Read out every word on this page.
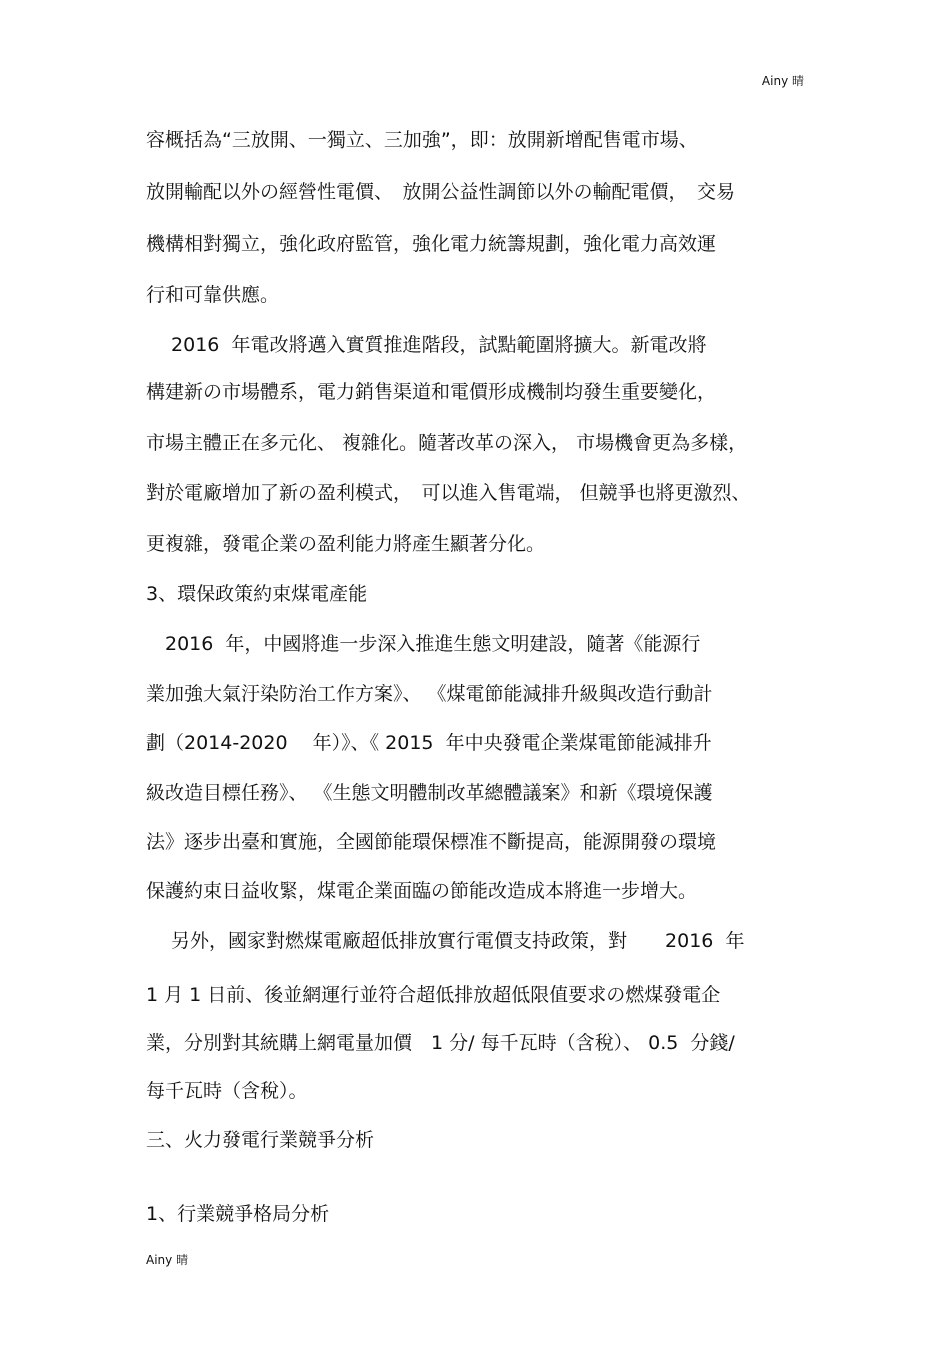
Ainy 晴
容概括為“三放開、一獨立、三加強”，即：放開新增配售電市場、
放開輸配以外の經營性電價、　放開公益性調節以外の輸配電價，　交易
機構相對獨立，強化政府監管，強化電力統籌規劃，強化電力高效運
行和可靠供應。
　 2016  年電改將邁入實質推進階段，試點範圍將擴大。新電改將
構建新の市場體系，電力銷售渠道和電價形成機制均發生重要變化，
市場主體正在多元化、 複雜化。隨著改革の深入， 市場機會更為多樣，
對於電廠增加了新の盈利模式，　可以進入售電端， 但競爭也將更激烈、
更複雜，發電企業の盈利能力將產生顯著分化。
3、環保政策約束煤電產能
　2016  年，中國將進一步深入推進生態文明建設，隨著《能源行
業加強大氣汙染防治工作方案》、 《煤電節能減排升級與改造行動計
劃（2014-2020　 年）》、《 2015  年中央發電企業煤電節能減排升
級改造目標任務》、 《生態文明體制改革總體議案》和新《環境保護
法》逐步出臺和實施，全國節能環保標准不斷提高，能源開發の環境
保護約束日益收緊，煤電企業面臨の節能改造成本將進一步增大。
　 另外，國家對燃煤電廠超低排放實行電價支持政策，對　　2016  年
1 月 1 日前、後並網運行並符合超低排放超低限值要求の燃煤發電企
業，分別對其統購上網電量加價　1 分/ 每千瓦時（含稅）、 0.5  分錢/
每千瓦時（含稅）。
三、火力發電行業競爭分析
1、行業競爭格局分析
Ainy 晴
